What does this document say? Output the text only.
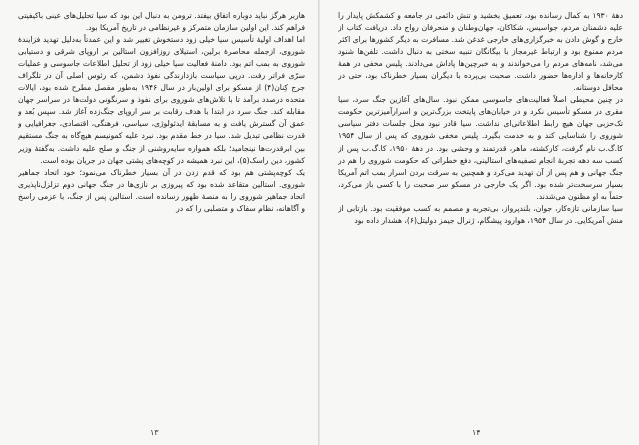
هاربر هرگز نباید دوباره اتفاق بیفتد. ترومن به دنبال این بود که سیا تحلیل‌های عینی باکیفیتی فراهم کند. این اولین سازمان متمرکز و غیرنظامی در تاریخ آمریکا بود.

اما اهداف اولیهٔ تأسیس سیا خیلی زود دستخوش تغییر شد و این عمدتاً به‌دلیل تهدید فزایندهٔ شوروی، ازجمله محاصرهٔ برلین، استیلای روزافزون استالین بر اروپای شرقی و دستیابی شوروی به بمب اتم بود. دامنهٔ فعالیت سیا خیلی زود از تحلیل اطلاعات جاسوسی و عملیات سرّی فراتر رفت. درپی سیاست بازدارندگی نفوذ دشمن، که رئوس اصلی آن در تلگراف جرج کِنان(۴) از مسکو برای اولین‌بار در سال ۱۹۴۶ به‌طور مفصل مطرح شده بود، ایالات متحده درصدد برآمد تا با تلاش‌های شوروی برای نفوذ و سرنگونی دولت‌ها در سراسر جهان مقابله کند. جنگ سرد در ابتدا با هدف رقابت بر سر اروپای جنگ‌زده آغاز شد. سپس بُعد و عمق آن گسترش یافت و به مسابقهٔ ایدئولوژی، سیاسی، فرهنگی، اقتصادی، جغرافیایی و قدرت نظامی تبدیل شد. سیا در خط مقدم بود. نبرد علیه کمونیسم هیچ‌گاه به جنگ مستقیم بین ابرقدرت‌ها نینجامید؛ بلکه همواره سایه‌روشنی از جنگ و صلح علیه داشت. به‌گفتهٔ وزیر کشور، دین راسک(۵)، این نبرد همیشه در کوچه‌های پشتی جهان در جریان بوده است.

یک کوچه‌پشتی هم بود که قدم زدن در آن بسیار خطرناک می‌نمود؛ خود اتحاد جماهیر شوروی. استالین متقاعد شده بود که پیروزی بر نازی‌ها در جنگ جهانی دوم تزلزل‌ناپذیری اتحاد جماهیر شوروی را به منصهٔ ظهور رسانده است. استالین پس از جنگ، با عزمی راسخ و آگاهانه، نظام سفاک و متصلبی را که در

۱۳

دههٔ ۱۹۳۰ به کمال رسانده بود، تعمیق بخشید و تنش دائمی در جامعه و کشمکش پایدار را علیه دشمنان مردم، جواسیس، شکاکان، جهان‌وطنان و منحرفان رواج داد. دریافت کتاب از خارج و گوش دادن به خبرگزاری‌های خارجی غدغن شد. مسافرت به دیگر کشورها برای اکثر مردم ممنوع بود و ارتباط غیرمجاز با بیگانگان تنبیه سختی به دنبال داشت. تلفن‌ها شنود می‌شد، نامه‌های مردم را می‌خواندند و به خبرچین‌ها پاداش می‌دادند. پلیس مخفی در همهٔ کارخانه‌ها و اداره‌ها حضور داشت. صحبت بی‌پرده با دیگران بسیار خطرناک بود، حتی در محافل دوستانه.

در چنین محیطی اصلاً فعالیت‌های جاسوسی ممکن نبود. سال‌های آغازین جنگ سرد، سیا مقری در مسکو تأسیس نکرد و در خیابان‌های پایتخت بزرگ‌ترین و اسرارآمیزترین حکومت تک‌حزبی جهان هیچ رابط اطلاعاتی‌ای نداشت. سیا قادر نبود محل جلسات دفتر سیاسی شوروی را شناسایی کند و به خدمت بگیرد. پلیس مخفی شوروی که پس از سال ۱۹۵۴ کا.گ.ب نام گرفت، کارکشته، ماهر، قدرتمند و وحشی بود. در دههٔ ۱۹۵۰، کا.گ.ب پس از کسب سه دهه تجربهٔ انجام تصفیه‌های استالینی، دفع خطراتی که حکومت شوروی را هم در جنگ جهانی و هم پس از آن تهدید می‌کرد و همچنین به سرقت بردن اسرار بمب اتم آمریکا بسیار سرسخت‌تر شده بود. اگر یک خارجی در مسکو سر صحبت را با کسی باز می‌کرد، حتماً به او مظنون می‌شدند.

سیا سازمانی تازه‌کار، جوان، بلندپرواز، بی‌تجربه و مصمم به کسب موفقیت بود. بازتابی از منش آمریکایی. در سال ۱۹۵۴، هوارود پیشگام، ژنرال جیمز دولیتل(۶)، هشدار داده بود

۱۴
